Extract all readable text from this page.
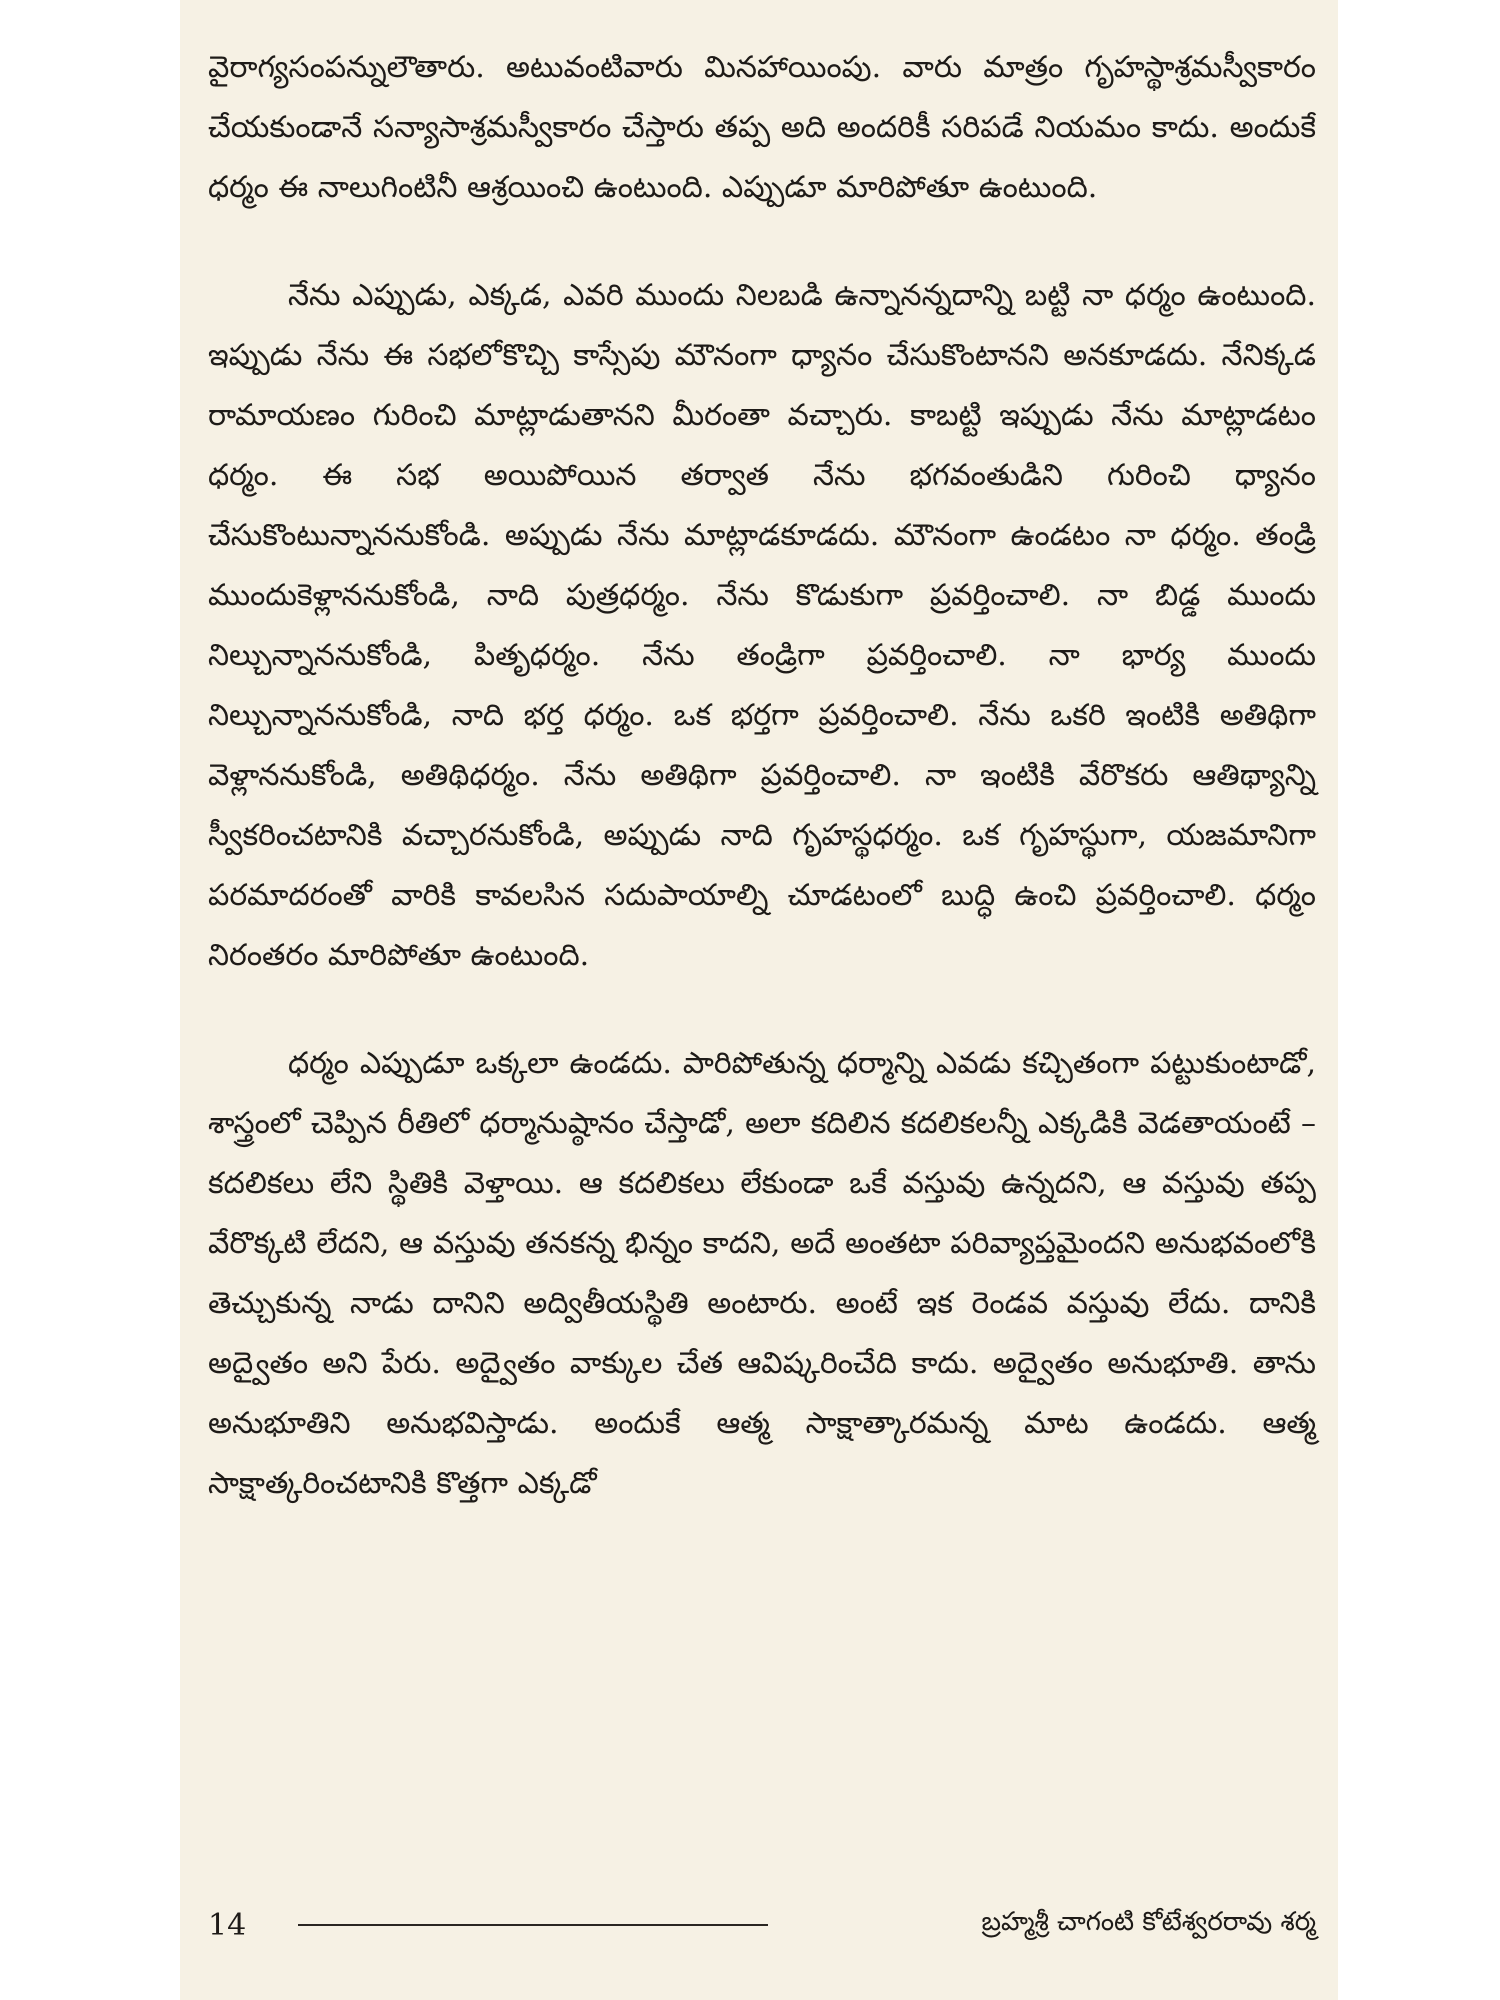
వైరాగ్యసంపన్నులౌతారు. అటువంటివారు మినహాయింపు. వారు మాత్రం గృహస్థాశ్రమస్వీకారం చేయకుండానే సన్యాసాశ్రమస్వీకారం చేస్తారు తప్ప అది అందరికీ సరిపడే నియమం కాదు. అందుకే ధర్మం ఈ నాలుగింటినీ ఆశ్రయించి ఉంటుంది. ఎప్పుడూ మారిపోతూ ఉంటుంది.

నేను ఎప్పుడు, ఎక్కడ, ఎవరి ముందు నిలబడి ఉన్నానన్నదాన్ని బట్టి నా ధర్మం ఉంటుంది. ఇప్పుడు నేను ఈ సభలోకొచ్చి కాస్సేపు మౌనంగా ధ్యానం చేసుకొంటానని అనకూడదు. నేనిక్కడ రామాయణం గురించి మాట్లాడుతానని మీరంతా వచ్చారు. కాబట్టి ఇప్పుడు నేను మాట్లాడటం ధర్మం. ఈ సభ అయిపోయిన తర్వాత నేను భగవంతుడిని గురించి ధ్యానం చేసుకొంటున్నాననుకోండి. అప్పుడు నేను మాట్లాడకూడదు. మౌనంగా ఉండటం నా ధర్మం. తండ్రి ముందుకెళ్లాననుకోండి, నాది పుత్రధర్మం. నేను కొడుకుగా ప్రవర్తించాలి. నా బిడ్డ ముందు నిల్చున్నాననుకోండి, పితృధర్మం. నేను తండ్రిగా ప్రవర్తించాలి. నా భార్య ముందు నిల్చున్నాననుకోండి, నాది భర్త ధర్మం. ఒక భర్తగా ప్రవర్తించాలి. నేను ఒకరి ఇంటికి అతిథిగా వెళ్లాననుకోండి, అతిథిధర్మం. నేను అతిథిగా ప్రవర్తించాలి. నా ఇంటికి వేరొకరు ఆతిథ్యాన్ని స్వీకరించటానికి వచ్చారనుకోండి, అప్పుడు నాది గృహస్థధర్మం. ఒక గృహస్థుగా, యజమానిగా పరమాదరంతో వారికి కావలసిన సదుపాయాల్ని చూడటంలో బుద్ధి ఉంచి ప్రవర్తించాలి. ధర్మం నిరంతరం మారిపోతూ ఉంటుంది.

ధర్మం ఎప్పుడూ ఒక్కలా ఉండదు. పారిపోతున్న ధర్మాన్ని ఎవడు కచ్చితంగా పట్టుకుంటాడో, శాస్త్రంలో చెప్పిన రీతిలో ధర్మానుష్ఠానం చేస్తాడో, అలా కదిలిన కదలికలన్నీ ఎక్కడికి వెడతాయంటే – కదలికలు లేని స్థితికి వెళ్తాయి. ఆ కదలికలు లేకుండా ఒకే వస్తువు ఉన్నదని, ఆ వస్తువు తప్ప వేరొక్కటి లేదని, ఆ వస్తువు తనకన్న భిన్నం కాదని, అదే అంతటా పరివ్యాప్తమైందని అనుభవంలోకి తెచ్చుకున్న నాడు దానిని అద్వితీయస్థితి అంటారు. అంటే ఇక రెండవ వస్తువు లేదు. దానికి అద్వైతం అని పేరు. అద్వైతం వాక్కుల చేత ఆవిష్కరించేది కాదు. అద్వైతం అనుభూతి. తాను అనుభూతిని అనుభవిస్తాడు. అందుకే ఆత్మ సాక్షాత్కారమన్న మాట ఉండదు. ఆత్మ సాక్షాత్కరించటానికి కొత్తగా ఎక్కడో

14	బ్రహ్మశ్రీ చాగంటి కోటేశ్వరరావు శర్మ
